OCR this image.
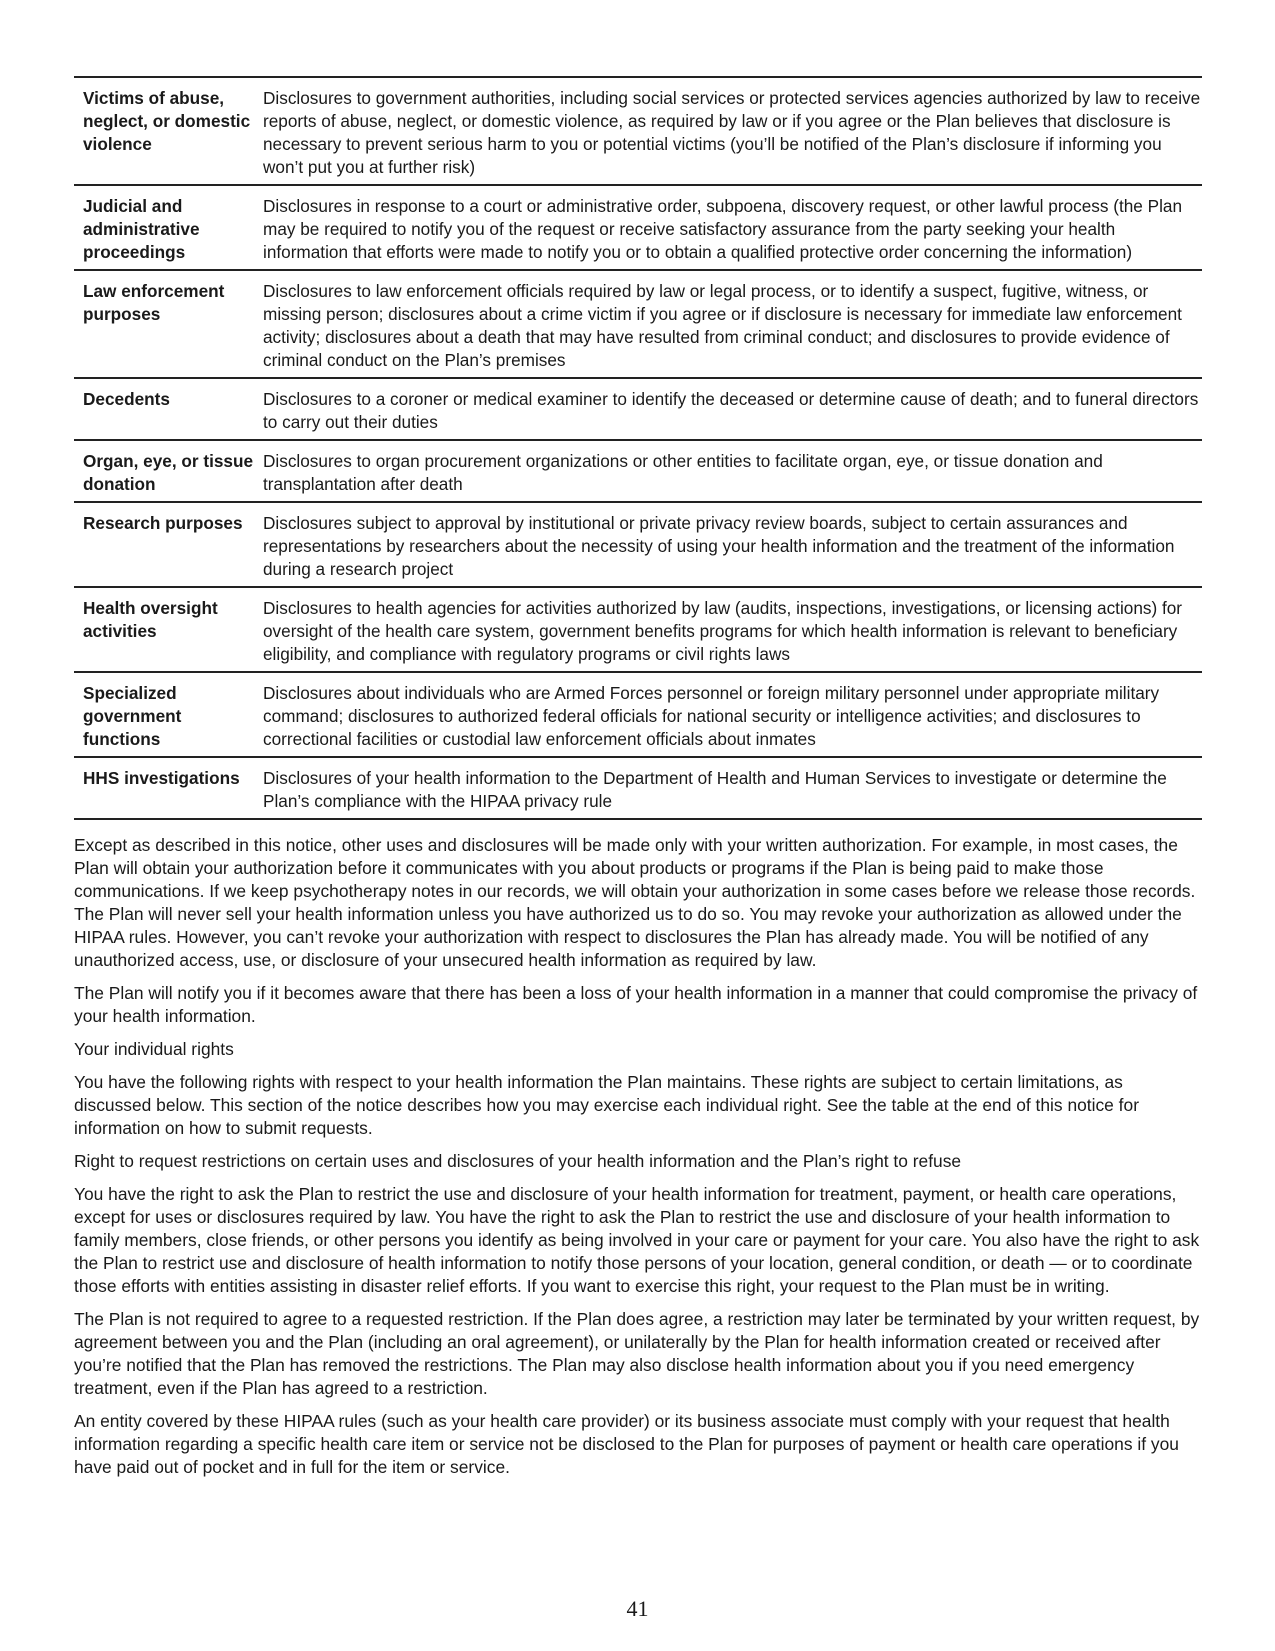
Victims of abuse, neglect, or domestic violence	Disclosures to government authorities, including social services or protected services agencies authorized by law to receive reports of abuse, neglect, or domestic violence, as required by law or if you agree or the Plan believes that disclosure is necessary to prevent serious harm to you or potential victims (you’ll be notified of the Plan’s disclosure if informing you won’t put you at further risk)
Judicial and administrative proceedings	Disclosures in response to a court or administrative order, subpoena, discovery request, or other lawful process (the Plan may be required to notify you of the request or receive satisfactory assurance from the party seeking your health information that efforts were made to notify you or to obtain a qualified protective order concerning the information)
Law enforcement purposes	Disclosures to law enforcement officials required by law or legal process, or to identify a suspect, fugitive, witness, or missing person; disclosures about a crime victim if you agree or if disclosure is necessary for immediate law enforcement activity; disclosures about a death that may have resulted from criminal conduct; and disclosures to provide evidence of criminal conduct on the Plan’s premises
Decedents	Disclosures to a coroner or medical examiner to identify the deceased or determine cause of death; and to funeral directors to carry out their duties
Organ, eye, or tissue donation	Disclosures to organ procurement organizations or other entities to facilitate organ, eye, or tissue donation and transplantation after death
Research purposes	Disclosures subject to approval by institutional or private privacy review boards, subject to certain assurances and representations by researchers about the necessity of using your health information and the treatment of the information during a research project
Health oversight activities	Disclosures to health agencies for activities authorized by law (audits, inspections, investigations, or licensing actions) for oversight of the health care system, government benefits programs for which health information is relevant to beneficiary eligibility, and compliance with regulatory programs or civil rights laws
Specialized government functions	Disclosures about individuals who are Armed Forces personnel or foreign military personnel under appropriate military command; disclosures to authorized federal officials for national security or intelligence activities; and disclosures to correctional facilities or custodial law enforcement officials about inmates
HHS investigations	Disclosures of your health information to the Department of Health and Human Services to investigate or determine the Plan’s compliance with the HIPAA privacy rule

Except as described in this notice, other uses and disclosures will be made only with your written authorization. For example, in most cases, the Plan will obtain your authorization before it communicates with you about products or programs if the Plan is being paid to make those communications. If we keep psychotherapy notes in our records, we will obtain your authorization in some cases before we release those records. The Plan will never sell your health information unless you have authorized us to do so. You may revoke your authorization as allowed under the HIPAA rules. However, you can’t revoke your authorization with respect to disclosures the Plan has already made. You will be notified of any unauthorized access, use, or disclosure of your unsecured health information as required by law.

The Plan will notify you if it becomes aware that there has been a loss of your health information in a manner that could compromise the privacy of your health information.

Your individual rights

You have the following rights with respect to your health information the Plan maintains. These rights are subject to certain limitations, as discussed below. This section of the notice describes how you may exercise each individual right. See the table at the end of this notice for information on how to submit requests.

Right to request restrictions on certain uses and disclosures of your health information and the Plan’s right to refuse

You have the right to ask the Plan to restrict the use and disclosure of your health information for treatment, payment, or health care operations, except for uses or disclosures required by law. You have the right to ask the Plan to restrict the use and disclosure of your health information to family members, close friends, or other persons you identify as being involved in your care or payment for your care. You also have the right to ask the Plan to restrict use and disclosure of health information to notify those persons of your location, general condition, or death — or to coordinate those efforts with entities assisting in disaster relief efforts. If you want to exercise this right, your request to the Plan must be in writing.

The Plan is not required to agree to a requested restriction. If the Plan does agree, a restriction may later be terminated by your written request, by agreement between you and the Plan (including an oral agreement), or unilaterally by the Plan for health information created or received after you’re notified that the Plan has removed the restrictions. The Plan may also disclose health information about you if you need emergency treatment, even if the Plan has agreed to a restriction.

An entity covered by these HIPAA rules (such as your health care provider) or its business associate must comply with your request that health information regarding a specific health care item or service not be disclosed to the Plan for purposes of payment or health care operations if you have paid out of pocket and in full for the item or service.

41
